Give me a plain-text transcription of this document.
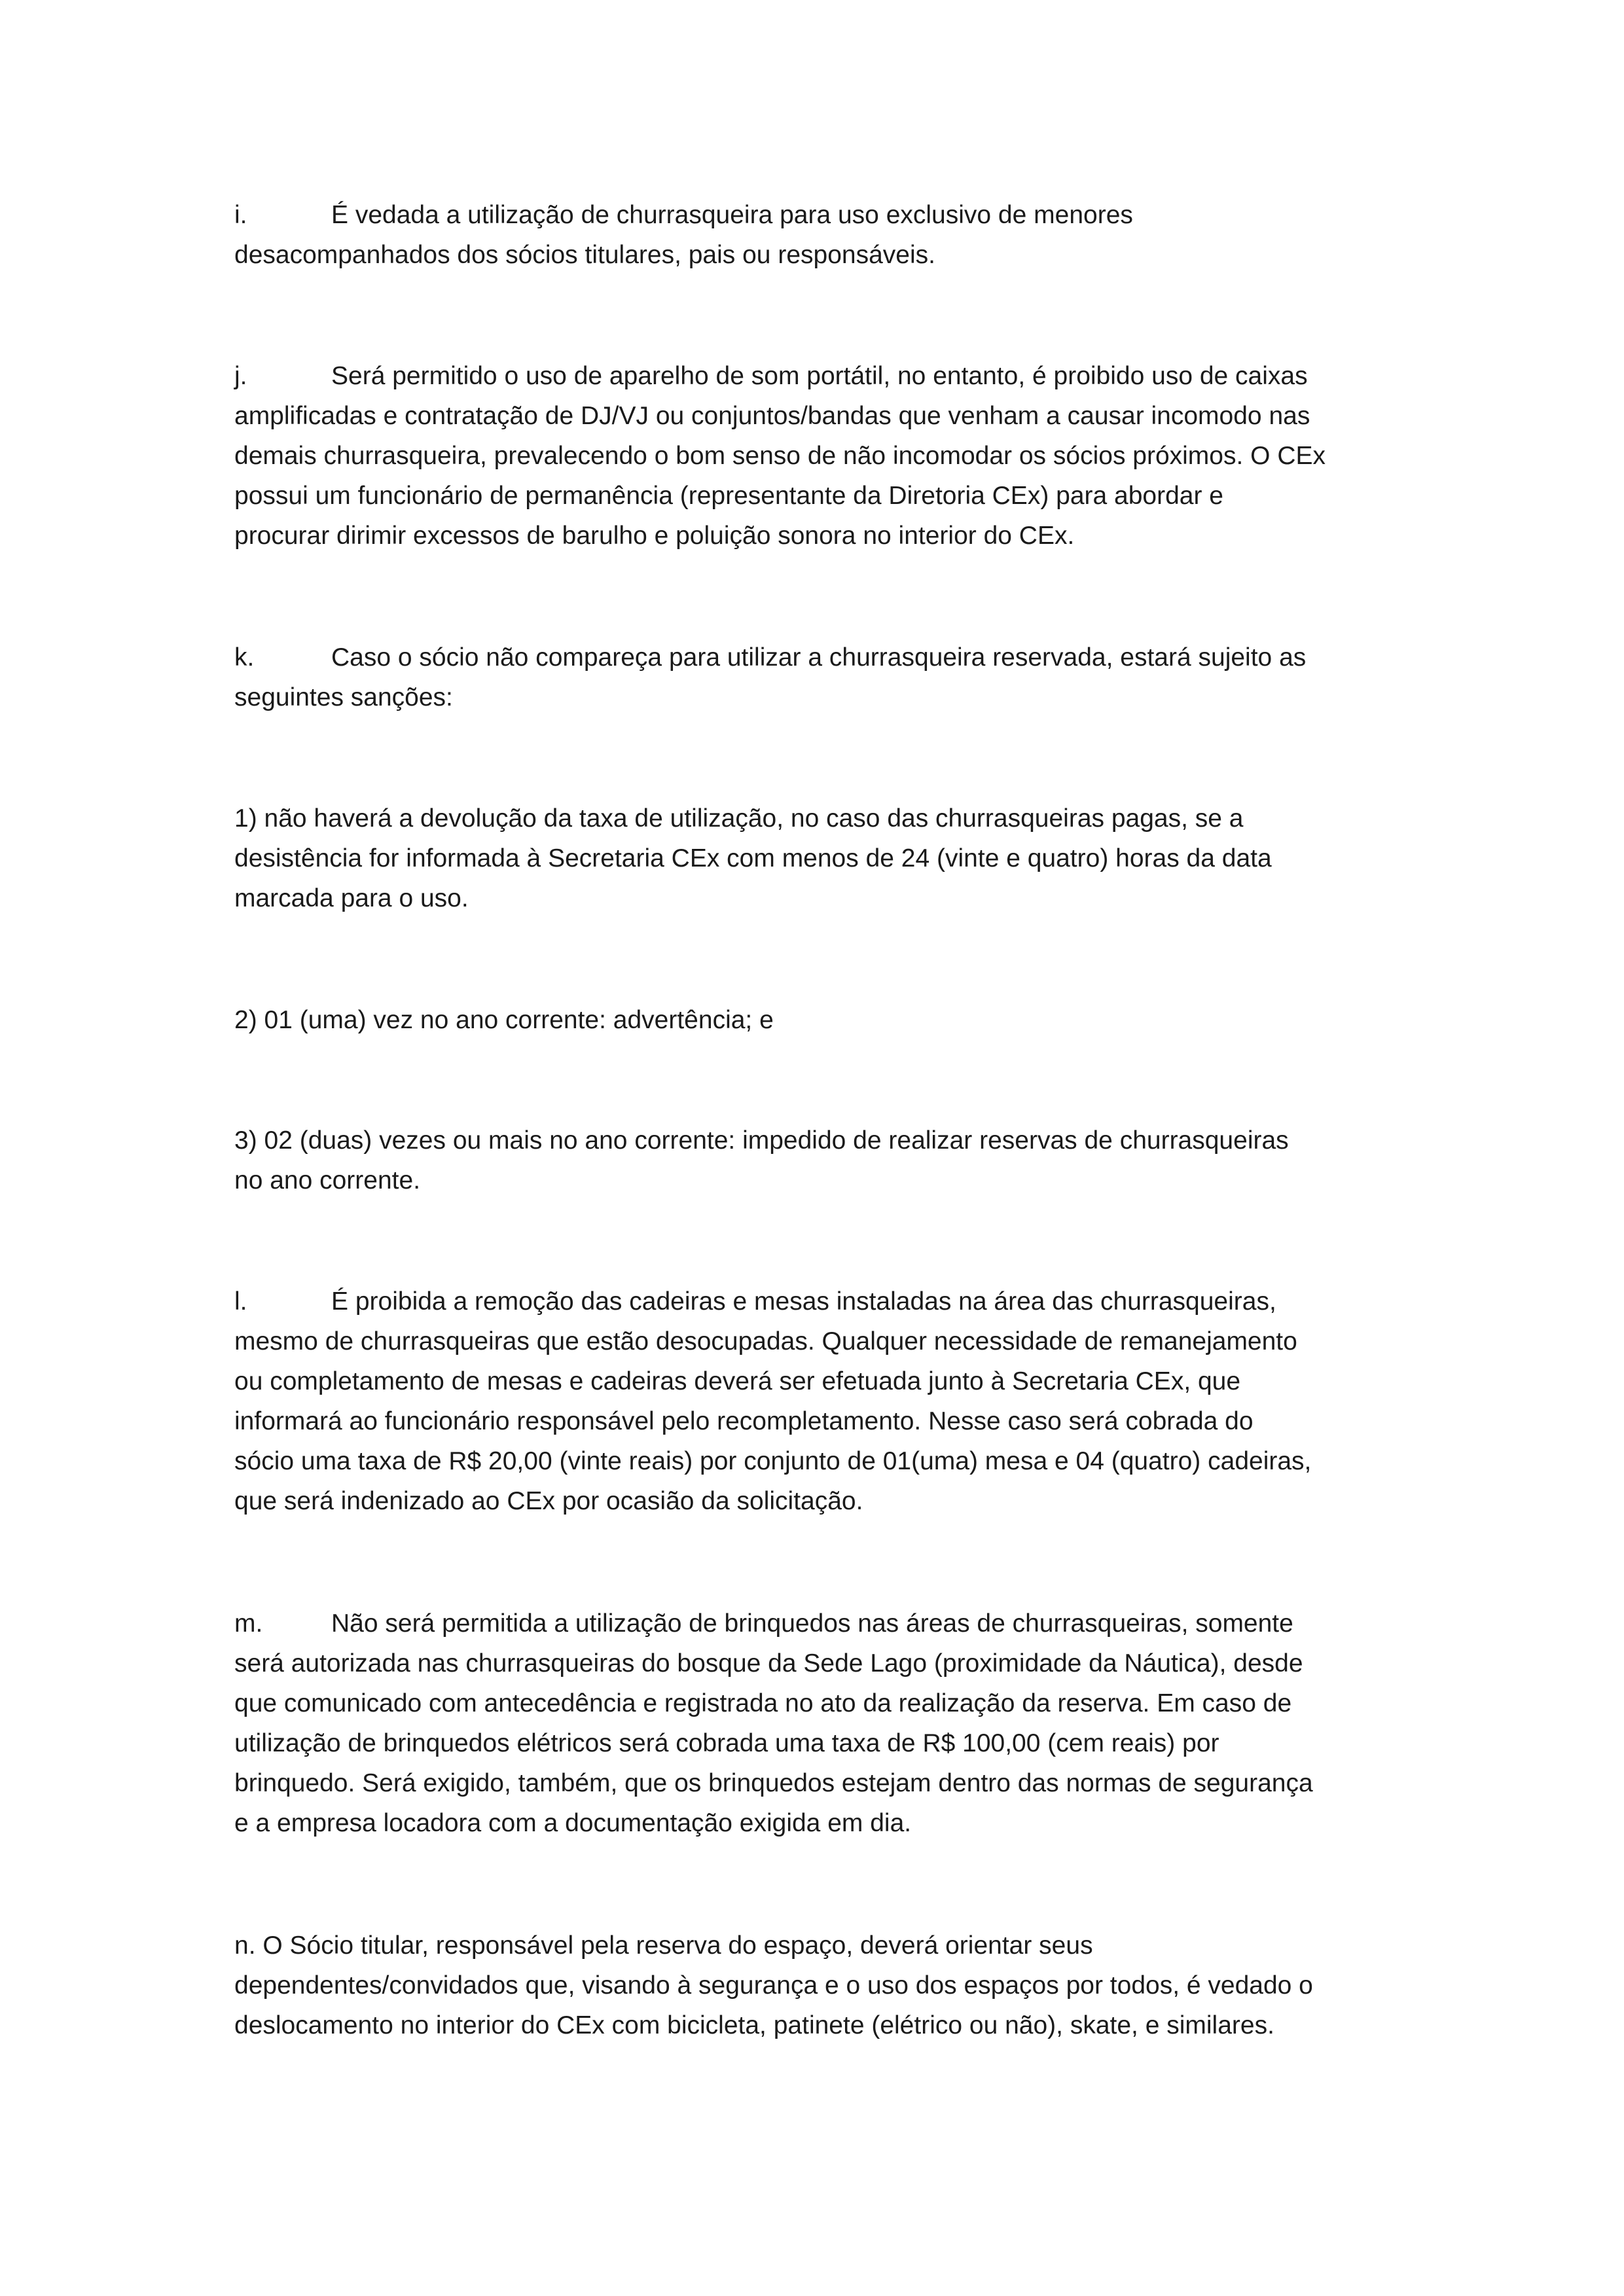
i.	É vedada a utilização de churrasqueira para uso exclusivo de menores
desacompanhados dos sócios titulares, pais ou responsáveis.

j.	Será permitido o uso de aparelho de som portátil, no entanto, é proibido uso de caixas
amplificadas e contratação de DJ/VJ ou conjuntos/bandas que venham a causar incomodo nas
demais churrasqueira, prevalecendo o bom senso de não incomodar os sócios próximos. O CEx
possui um funcionário de permanência (representante da Diretoria CEx) para abordar e
procurar dirimir excessos de barulho e poluição sonora no interior do CEx.

k.	Caso o sócio não compareça para utilizar a churrasqueira reservada, estará sujeito as
seguintes sanções:

1) não haverá a devolução da taxa de utilização, no caso das churrasqueiras pagas, se a
desistência for informada à Secretaria CEx com menos de 24 (vinte e quatro) horas da data
marcada para o uso.

2) 01 (uma) vez no ano corrente: advertência; e

3) 02 (duas) vezes ou mais no ano corrente: impedido de realizar reservas de churrasqueiras
no ano corrente.

l.	É proibida a remoção das cadeiras e mesas instaladas na área das churrasqueiras,
mesmo de churrasqueiras que estão desocupadas. Qualquer necessidade de remanejamento
ou completamento de mesas e cadeiras deverá ser efetuada junto à Secretaria CEx, que
informará ao funcionário responsável pelo recompletamento. Nesse caso será cobrada do
sócio uma taxa de R$ 20,00 (vinte reais) por conjunto de 01(uma) mesa e 04 (quatro) cadeiras,
que será indenizado ao CEx por ocasião da solicitação.

m.	Não será permitida a utilização de brinquedos nas áreas de churrasqueiras, somente
será autorizada nas churrasqueiras do bosque da Sede Lago (proximidade da Náutica), desde
que comunicado com antecedência e registrada no ato da realização da reserva. Em caso de
utilização de brinquedos elétricos será cobrada uma taxa de R$ 100,00 (cem reais) por
brinquedo. Será exigido, também, que os brinquedos estejam dentro das normas de segurança
e a empresa locadora com a documentação exigida em dia.

n. O Sócio titular, responsável pela reserva do espaço, deverá orientar seus
dependentes/convidados que, visando à segurança e o uso dos espaços por todos, é vedado o
deslocamento no interior do CEx com bicicleta, patinete (elétrico ou não), skate, e similares.
